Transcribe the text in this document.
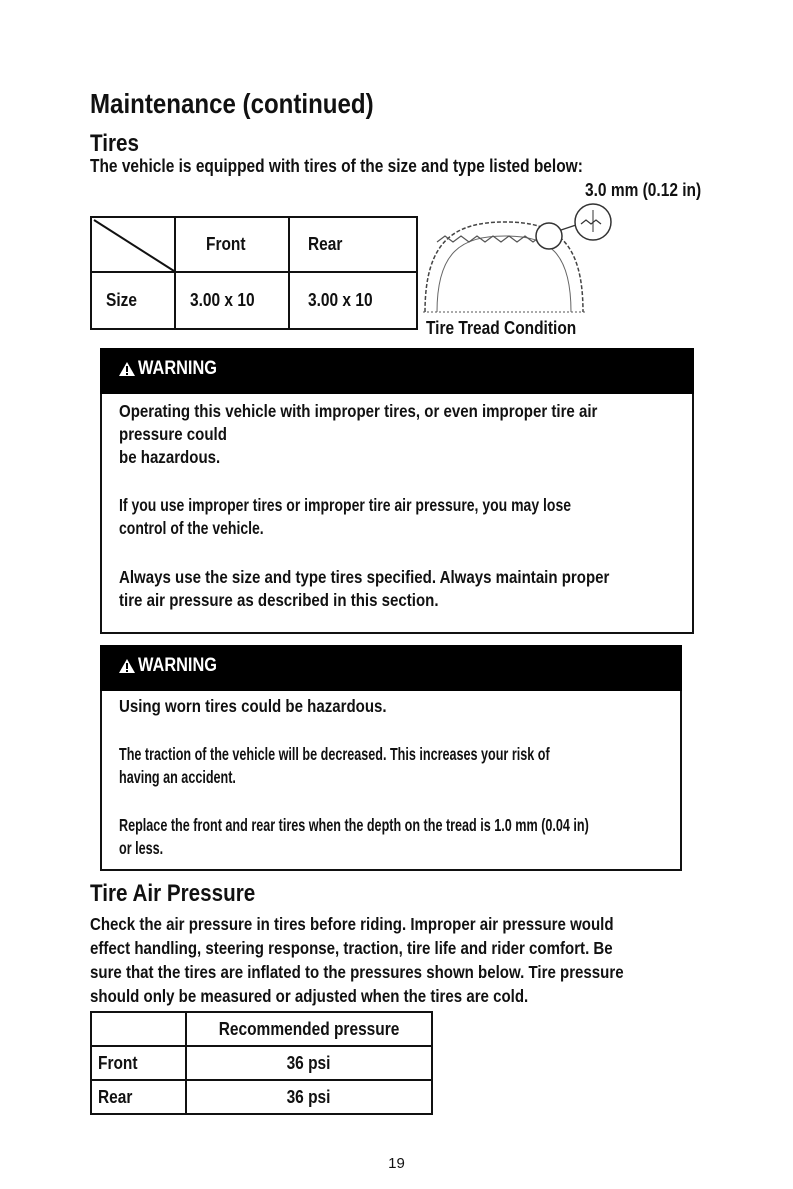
Maintenance (continued)
Tires
The vehicle is equipped with tires of the size and type listed below:
3.0 mm (0.12 in)
	Front	Rear
Size	3.00 x 10	3.00 x 10
Tire Tread Condition
WARNING
Operating this vehicle with improper tires, or even improper tire air
pressure could
be hazardous.
If you use improper tires or improper tire air pressure, you may lose
control of the vehicle.
Always use the size and type tires specified. Always maintain proper
tire air pressure as described in this section.
WARNING
Using worn tires could be hazardous.
The traction of the vehicle will be decreased. This increases your risk of
having an accident.
Replace the front and rear tires when the depth on the tread is 1.0 mm (0.04 in)
or less.
Tire Air Pressure
Check the air pressure in tires before riding. Improper air pressure would
effect handling, steering response, traction, tire life and rider comfort. Be
sure that the tires are inflated to the pressures shown below. Tire pressure
should only be measured or adjusted when the tires are cold.
	Recommended pressure
Front	36 psi
Rear	36 psi
19
